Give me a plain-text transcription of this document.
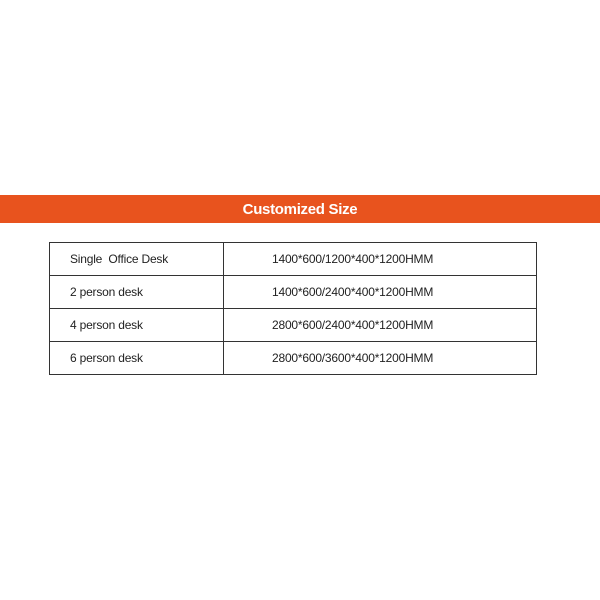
Customized Size
Single  Office Desk	1400*600/1200*400*1200HMM
2 person desk	1400*600/2400*400*1200HMM
4 person desk	2800*600/2400*400*1200HMM
6 person desk	2800*600/3600*400*1200HMM
